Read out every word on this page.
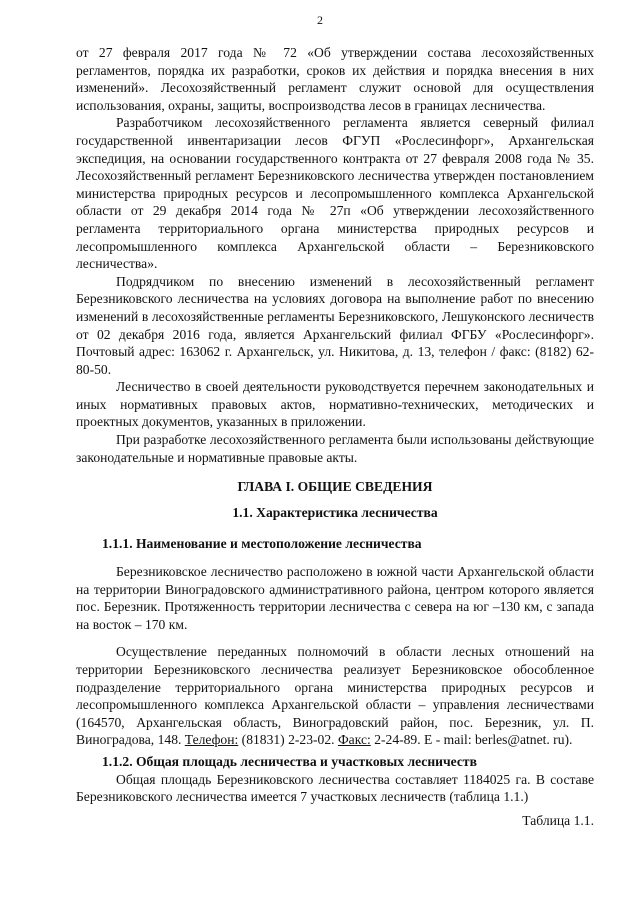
2

от 27 февраля 2017 года № 72 «Об утверждении состава лесохозяйственных регламентов, порядка их разработки, сроков их действия и порядка внесения в них изменений». Лесохозяйственный регламент служит основой для осуществления использования, охраны, защиты, воспроизводства лесов в границах лесничества.

Разработчиком лесохозяйственного регламента является северный филиал государственной инвентаризации лесов ФГУП «Рослесинфорг», Архангельская экспедиция, на основании государственного контракта от 27 февраля 2008 года № 35. Лесохозяйственный регламент Березниковского лесничества утвержден постановлением министерства природных ресурсов и лесопромышленного комплекса Архангельской области от 29 декабря 2014 года № 27п «Об утверждении лесохозяйственного регламента территориального органа министерства природных ресурсов и лесопромышленного комплекса Архангельской области – Березниковского лесничества».

Подрядчиком по внесению изменений в лесохозяйственный регламент Березниковского лесничества на условиях договора на выполнение работ по внесению изменений в лесохозяйственные регламенты Березниковского, Лешуконского лесничеств от 02 декабря 2016 года, является Архангельский филиал ФГБУ «Рослесинфорг». Почтовый адрес: 163062 г. Архангельск, ул. Никитова, д. 13, телефон / факс: (8182) 62-80-50.

Лесничество в своей деятельности руководствуется перечнем законодательных и иных нормативных правовых актов, нормативно-технических, методических и проектных документов, указанных в приложении.

При разработке лесохозяйственного регламента были использованы действующие законодательные и нормативные правовые акты.

ГЛАВА I. ОБЩИЕ СВЕДЕНИЯ
1.1. Характеристика лесничества
1.1.1. Наименование и местоположение лесничества

Березниковское лесничество расположено в южной части Архангельской области на территории Виноградовского административного района, центром которого является пос. Березник. Протяженность территории лесничества с севера на юг –130 км, с запада на восток – 170 км.

Осуществление переданных полномочий в области лесных отношений на территории Березниковского лесничества реализует Березниковское обособленное подразделение территориального органа министерства природных ресурсов и лесопромышленного комплекса Архангельской области – управления лесничествами (164570, Архангельская область, Виноградовский район, пос. Березник, ул. П. Виноградова, 148. Телефон: (81831) 2-23-02. Факс: 2-24-89. E - mail: berles@atnet. ru).

1.1.2. Общая площадь лесничества и участковых лесничеств

Общая площадь Березниковского лесничества составляет 1184025 га. В составе Березниковского лесничества имеется 7 участковых лесничеств (таблица 1.1.)

Таблица 1.1.
